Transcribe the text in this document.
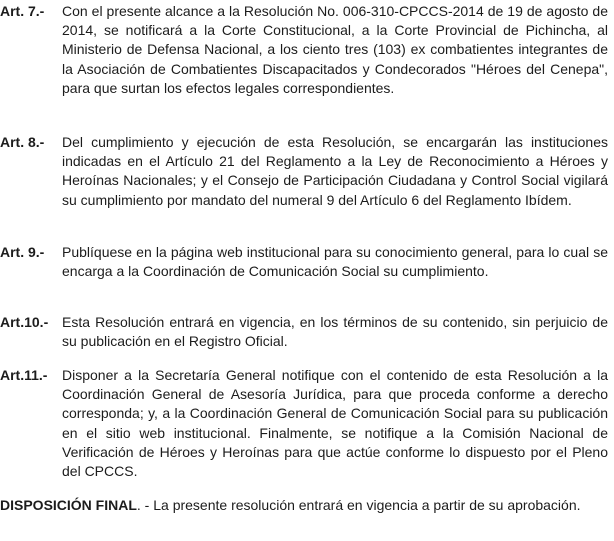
Art. 7.-	Con el presente alcance a la Resolución No. 006-310-CPCCS-2014 de 19 de agosto de 2014, se notificará a la Corte Constitucional, a la Corte Provincial de Pichincha, al Ministerio de Defensa Nacional, a los ciento tres (103) ex combatientes integrantes de la Asociación de Combatientes Discapacitados y Condecorados "Héroes del Cenepa", para que surtan los efectos legales correspondientes.
Art. 8.-	Del cumplimiento y ejecución de esta Resolución, se encargarán las instituciones indicadas en el Artículo 21 del Reglamento a la Ley de Reconocimiento a Héroes y Heroínas Nacionales; y el Consejo de Participación Ciudadana y Control Social vigilará su cumplimiento por mandato del numeral 9 del Artículo 6 del Reglamento Ibídem.
Art. 9.-	Publíquese en la página web institucional para su conocimiento general, para lo cual se encarga a la Coordinación de Comunicación Social su cumplimiento.
Art.10.- Esta Resolución entrará en vigencia, en los términos de su contenido, sin perjuicio de su publicación en el Registro Oficial.
Art.11.-	Disponer a la Secretaría General notifique con el contenido de esta Resolución a la Coordinación General de Asesoría Jurídica, para que proceda conforme a derecho corresponda; y, a la Coordinación General de Comunicación Social para su publicación en el sitio web institucional. Finalmente, se notifique a la Comisión Nacional de Verificación de Héroes y Heroínas para que actúe conforme lo dispuesto por el Pleno del CPCCS.
DISPOSICIÓN FINAL. - La presente resolución entrará en vigencia a partir de su aprobación.
